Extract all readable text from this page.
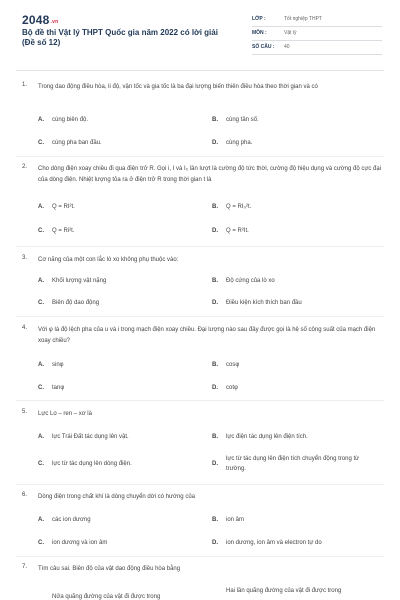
2048.vn
Bộ đề thi Vật lý THPT Quốc gia năm 2022 có lời giải (Đề số 12)
LỚP :	Tốt nghiệp THPT
MÔN :	Vật lý
SỐ CÂU : 40
1. Trong dao động điều hòa, li độ, vận tốc và gia tốc là ba đại lượng biến thiên điều hòa theo thời gian và có
A. cùng biên độ.	B. cùng tần số.
C. cùng pha ban đầu.	D. cùng pha.
2. Cho dòng điện xoay chiều đi qua điện trở R. Gọi i, I và I₀ lần lượt là cường độ tức thời, cường độ hiệu dụng và cường độ cực đại của dòng điện. Nhiệt lượng tỏa ra ở điện trở R trong thời gian t là
A. Q = RI²t.	B. Q = RI₀²t.
C. Q = Ri²t.	D. Q = R²It.
3. Cơ năng của một con lắc lò xo không phụ thuộc vào:
A. Khối lượng vật nặng	B. Độ cứng của lò xo
C. Biên độ dao động	D. Điều kiện kích thích ban đầu
4. Với φ là độ lệch pha của u và i trong mạch điện xoay chiều. Đại lượng nào sau đây được gọi là hệ số công suất của mạch điện xoay chiều?
A. sinφ	B. cosφ
C. tanφ	D. cotφ
5. Lực Lo – ren – xơ là
A. lực Trái Đất tác dụng lên vật.	B. lực điện tác dụng lên điện tích.
C. lực từ tác dụng lên dòng điện.	D.
lực từ tác dụng lên điện tích chuyển động trong từ trường.
6. Dòng điện trong chất khí là dòng chuyển dời có hướng của
A. các ion dương	B. ion âm
C. ion dương và ion âm	D. ion dương, ion âm và electron tự do
7. Tìm câu sai. Biên độ của vật dao động điều hòa bằng
Nửa quãng đường của vật đi được trong
Hai lần quãng đường của vật đi được trong
